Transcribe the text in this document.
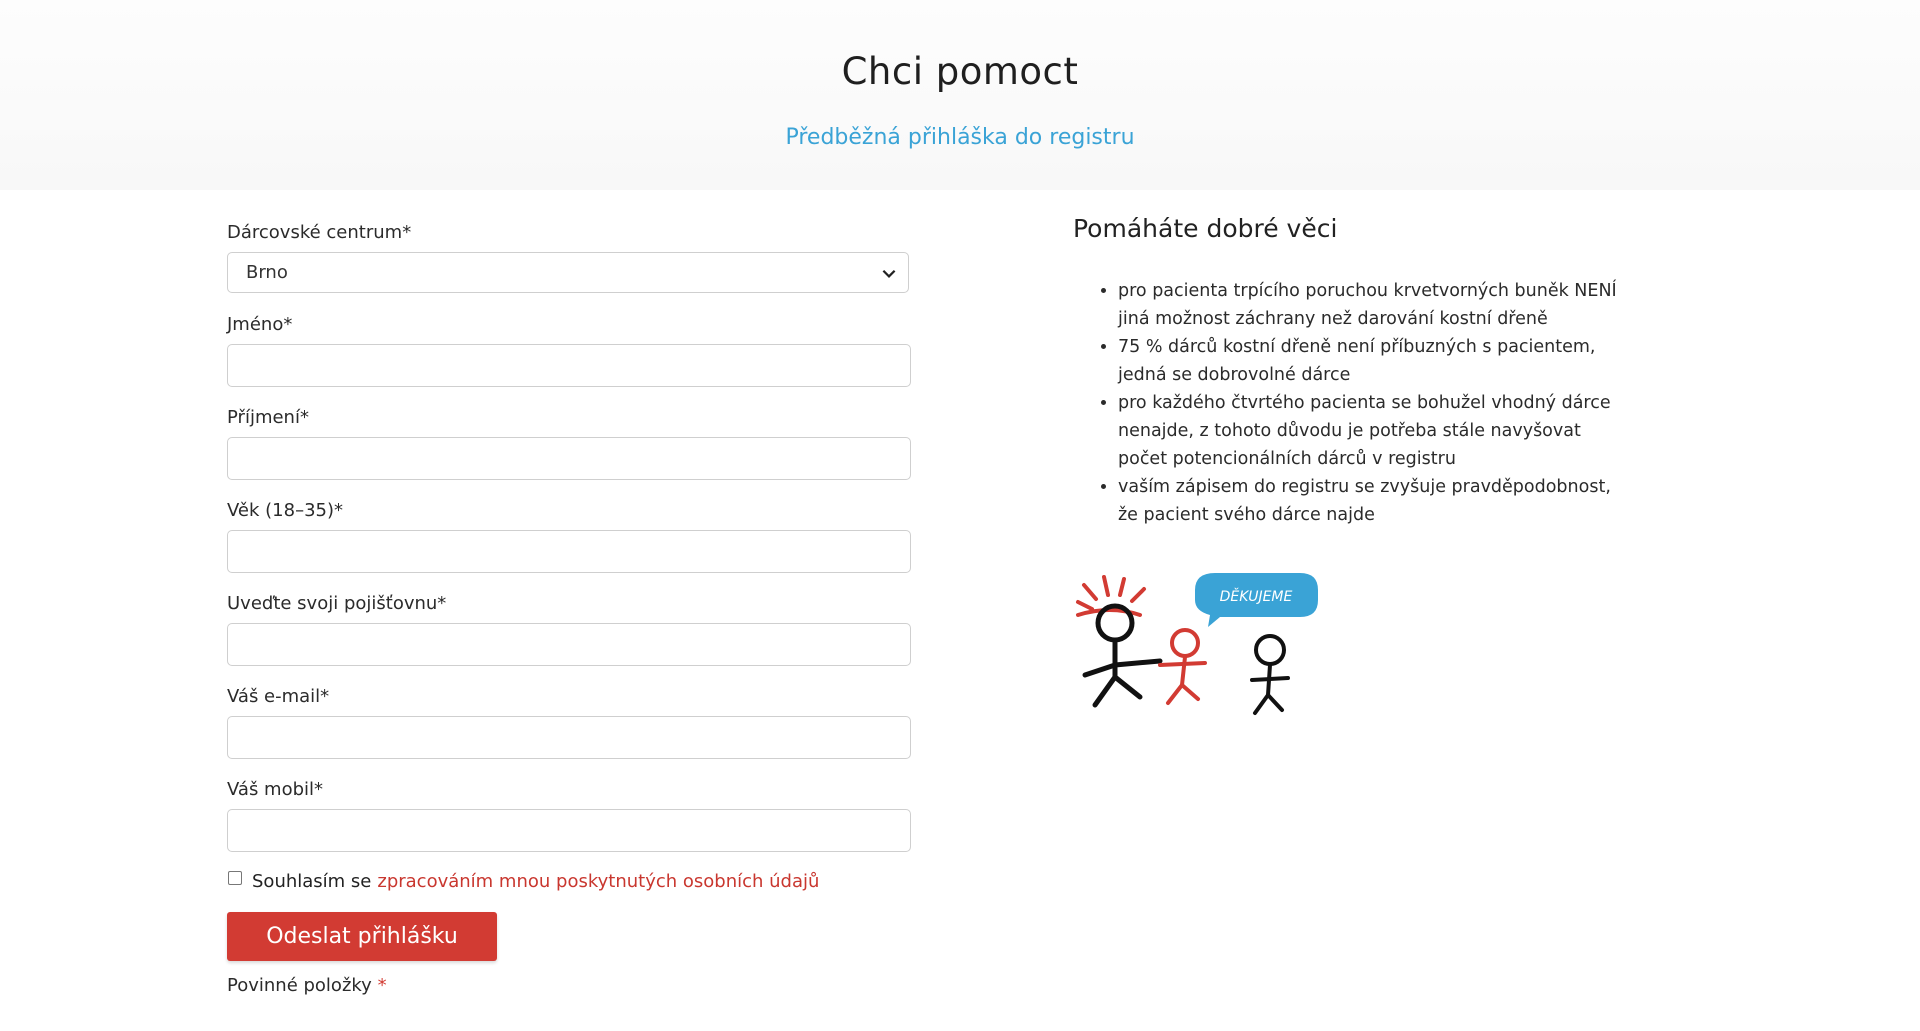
Chci pomoct
Předběžná přihláška do registru
Dárcovské centrum*
Brno
Jméno*
Příjmení*
Věk (18–35)*
Uveďte svoji pojišťovnu*
Váš e-mail*
Váš mobil*
Souhlasím se zpracováním mnou poskytnutých osobních údajů
Odeslat přihlášku
Povinné položky *
Pomáháte dobré věci
• pro pacienta trpícího poruchou krvetvorných buněk NENÍ jiná možnost záchrany než darování kostní dřeně
• 75 % dárců kostní dřeně není příbuzných s pacientem, jedná se dobrovolné dárce
• pro každého čtvrtého pacienta se bohužel vhodný dárce nenajde, z tohoto důvodu je potřeba stále navyšovat počet potencionálních dárců v registru
• vaším zápisem do registru se zvyšuje pravděpodobnost, že pacient svého dárce najde
DĚKUJEME
